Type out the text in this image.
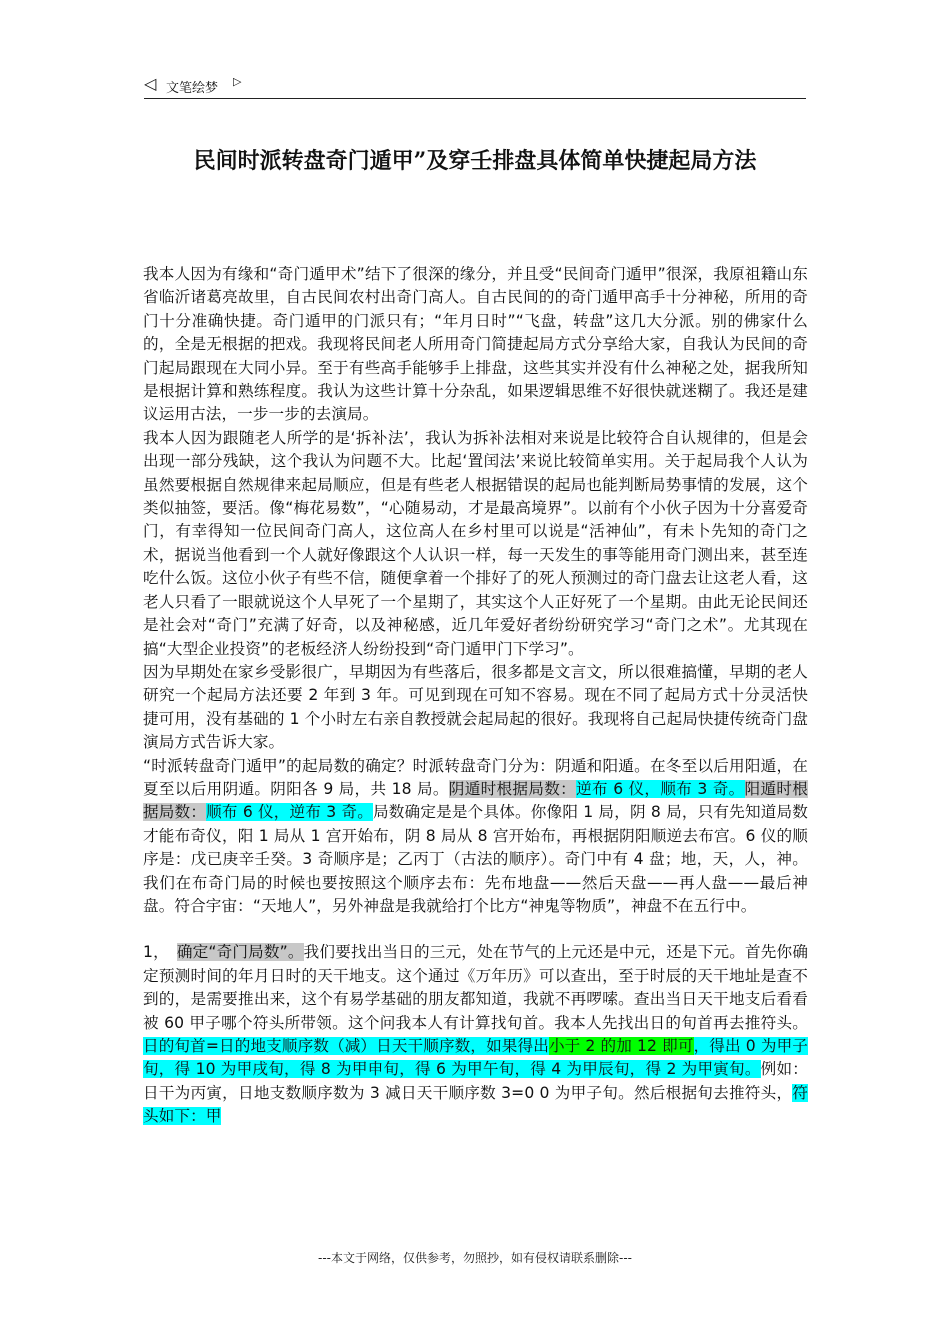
◁ 文笔绘梦 ▷
民间时派转盘奇门遁甲”及穿壬排盘具体简单快捷起局方法

我本人因为有缘和“奇门遁甲术”结下了很深的缘分，并且受“民间奇门遁甲”很深，我原祖籍山东省临沂诸葛亮故里，自古民间农村出奇门高人。自古民间的的奇门遁甲高手十分神秘，所用的奇门十分准确快捷。奇门遁甲的门派只有；“年月日时”“飞盘，转盘”这几大分派。别的佛家什么的，全是无根据的把戏。我现将民间老人所用奇门简捷起局方式分享给大家，自我认为民间的奇门起局跟现在大同小异。至于有些高手能够手上排盘，这些其实并没有什么神秘之处，据我所知是根据计算和熟练程度。我认为这些计算十分杂乱，如果逻辑思维不好很快就迷糊了。我还是建议运用古法，一步一步的去演局。

我本人因为跟随老人所学的是‘拆补法’，我认为拆补法相对来说是比较符合自认规律的，但是会出现一部分残缺，这个我认为问题不大。比起‘置闰法’来说比较简单实用。关于起局我个人认为虽然要根据自然规律来起局顺应，但是有些老人根据错误的起局也能判断局势事情的发展，这个类似抽签，要活。像“梅花易数”，“心随易动，才是最高境界”。以前有个小伙子因为十分喜爱奇门，有幸得知一位民间奇门高人，这位高人在乡村里可以说是“活神仙”，有未卜先知的奇门之术，据说当他看到一个人就好像跟这个人认识一样，每一天发生的事等能用奇门测出来，甚至连吃什么饭。这位小伙子有些不信，随便拿着一个排好了的死人预测过的奇门盘去让这老人看，这老人只看了一眼就说这个人早死了一个星期了，其实这个人正好死了一个星期。由此无论民间还是社会对“奇门”充满了好奇，以及神秘感，近几年爱好者纷纷研究学习“奇门之术”。尤其现在搞“大型企业投资”的老板经济人纷纷投到“奇门遁甲门下学习”。

因为早期处在家乡受影很广，早期因为有些落后，很多都是文言文，所以很难搞懂，早期的老人研究一个起局方法还要 2 年到 3 年。可见到现在可知不容易。现在不同了起局方式十分灵活快捷可用，没有基础的 1 个小时左右亲自教授就会起局起的很好。我现将自己起局快捷传统奇门盘演局方式告诉大家。

“时派转盘奇门遁甲”的起局数的确定？时派转盘奇门分为：阴遁和阳遁。在冬至以后用阳遁，在夏至以后用阴遁。阴阳各 9 局，共 18 局。阴遁时根据局数：逆布 6 仪，顺布 3 奇。阳遁时根据局数：顺布 6 仪，逆布 3 奇。局数确定是是个具体。你像阳 1 局，阴 8 局，只有先知道局数才能布奇仪，阳 1 局从 1 宫开始布，阴 8 局从 8 宫开始布，再根据阴阳顺逆去布宫。6 仪的顺序是：戊已庚辛壬癸。3 奇顺序是；乙丙丁（古法的顺序）。奇门中有 4 盘；地，天，人，神。我们在布奇门局的时候也要按照这个顺序去布：先布地盘——然后天盘——再人盘——最后神盘。符合宇宙：“天地人”，另外神盘是我就给打个比方“神鬼等物质”，神盘不在五行中。

1，　确定“奇门局数”。我们要找出当日的三元，处在节气的上元还是中元，还是下元。首先你确定预测时间的年月日时的天干地支。这个通过《万年历》可以查出，至于时辰的天干地址是查不到的，是需要推出来，这个有易学基础的朋友都知道，我就不再啰嗦。查出当日天干地支后看看被 60 甲子哪个符头所带领。这个问我本人有计算找旬首。我本人先找出日的旬首再去推符头。日的旬首=日的地支顺序数（减）日天干顺序数，如果得出小于 2 的加 12 即可，得出 0 为甲子旬，得 10 为甲戌旬，得 8 为甲申旬，得 6 为甲午旬，得 4 为甲辰旬，得 2 为甲寅旬。例如：日干为丙寅，日地支数顺序数为 3 减日天干顺序数 3=0 0 为甲子旬。然后根据旬去推符头，符头如下：甲

---本文于网络，仅供参考，勿照抄，如有侵权请联系删除---
